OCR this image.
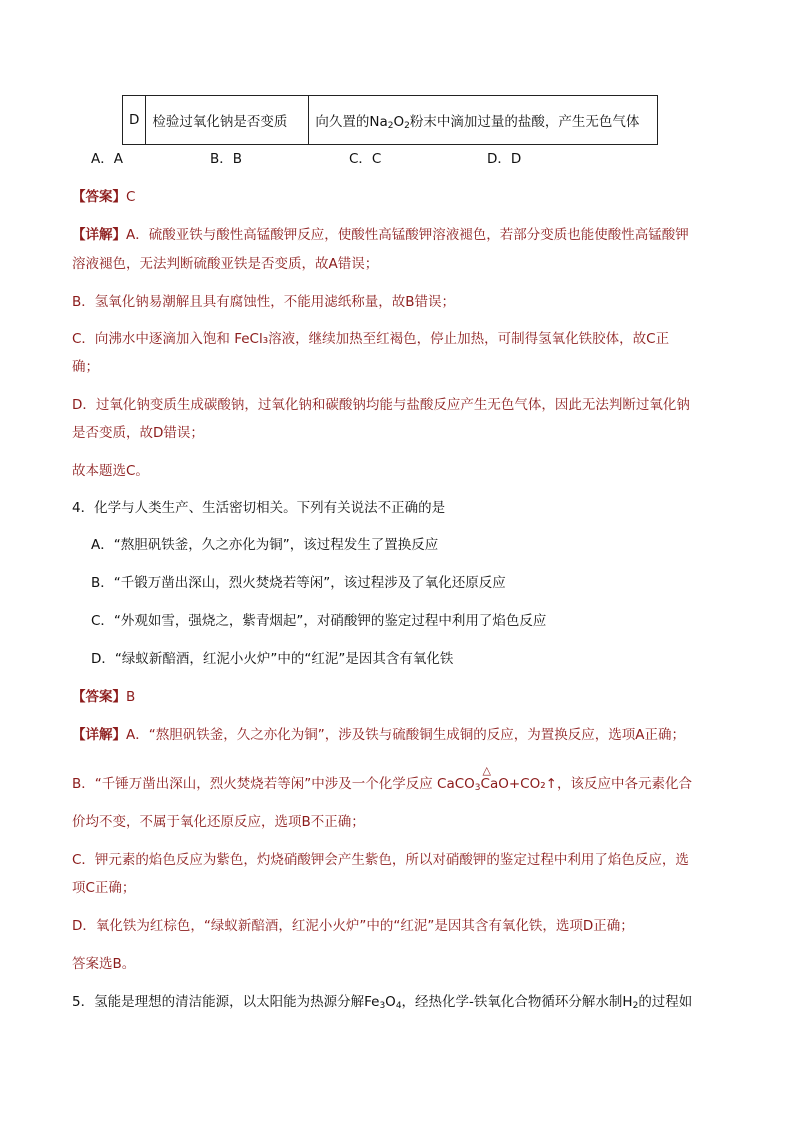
D	检验过氧化钠是否变质	向久置的$Na_2O_2$粉末中滴加过量的盐酸，产生无色气体
A．A	B．B	C．C	D．D
【答案】C
【详解】A．硫酸亚铁与酸性高锰酸钾反应，使酸性高锰酸钾溶液褪色，若部分变质也能使酸性高锰酸钾
溶液褪色，无法判断硫酸亚铁是否变质，故A错误；
B．氢氧化钠易潮解且具有腐蚀性，不能用滤纸称量，故B错误；
C．向沸水中逐滴加入饱和 FeCl₃溶液，继续加热至红褐色，停止加热，可制得氢氧化铁胶体，故C正
确；
D．过氧化钠变质生成碳酸钠，过氧化钠和碳酸钠均能与盐酸反应产生无色气体，因此无法判断过氧化钠
是否变质，故D错误；
故本题选C。
4．化学与人类生产、生活密切相关。下列有关说法不正确的是
A．“熬胆矾铁釜，久之亦化为铜”，该过程发生了置换反应
B．“千锻万凿出深山，烈火焚烧若等闲”，该过程涉及了氧化还原反应
C．“外观如雪，强烧之，紫青烟起”，对硝酸钾的鉴定过程中利用了焰色反应
D．“绿蚁新醅酒，红泥小火炉”中的“红泥”是因其含有氧化铁
【答案】B
【详解】A．“熬胆矾铁釜，久之亦化为铜”，涉及铁与硫酸铜生成铜的反应，为置换反应，选项A正确；
B．“千锤万凿出深山，烈火焚烧若等闲”中涉及一个化学反应 CaCO$_3$
△
CaO+CO₂↑，该反应中各元素化合
价均不变，不属于氧化还原反应，选项B不正确；
C．钾元素的焰色反应为紫色，灼烧硝酸钾会产生紫色，所以对硝酸钾的鉴定过程中利用了焰色反应，选
项C正确；
D．氧化铁为红棕色，“绿蚁新醅酒，红泥小火炉”中的“红泥”是因其含有氧化铁，选项D正确；
答案选B。
5．氢能是理想的清洁能源，以太阳能为热源分解$Fe_3O_4$，经热化学-铁氧化合物循环分解水制$H_2$的过程如
